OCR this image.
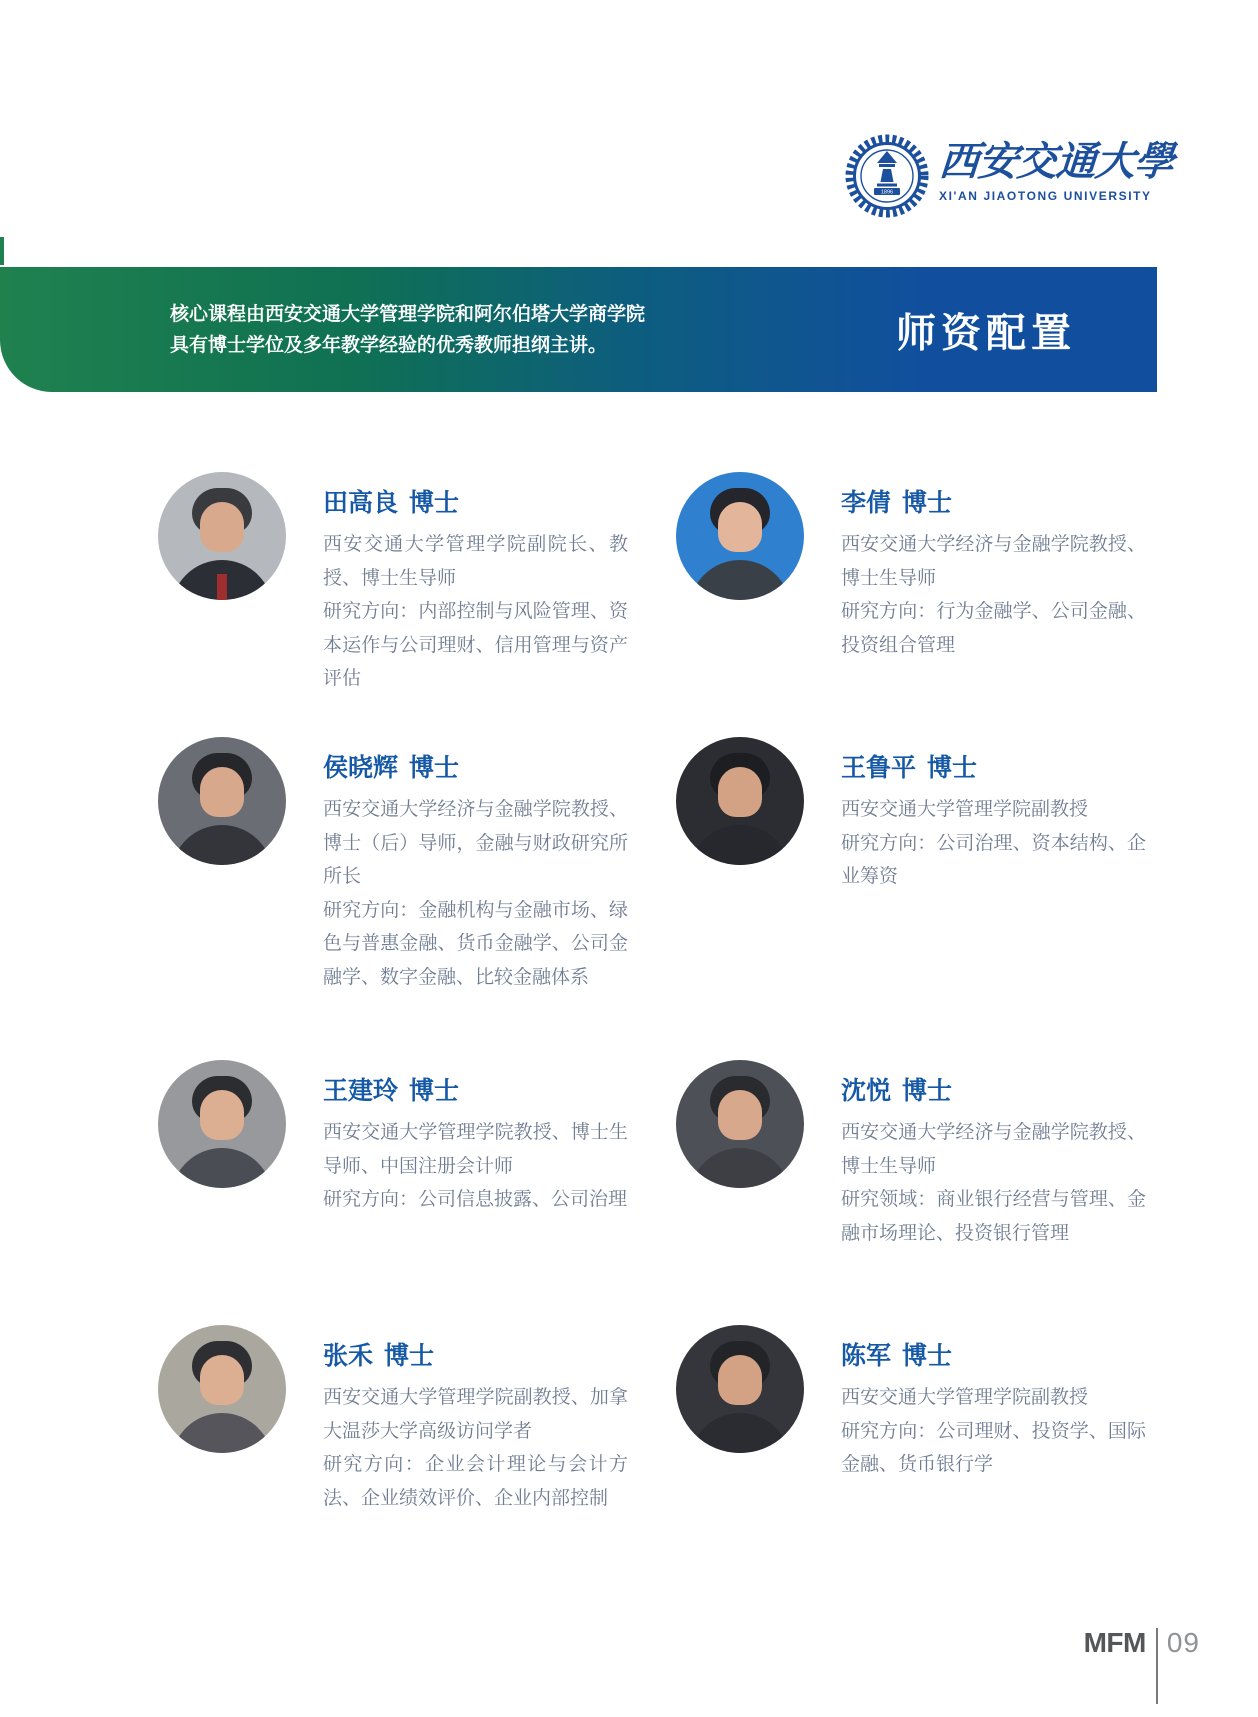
1896
西安交通大學
XI'AN JIAOTONG UNIVERSITY
核心课程由西安交通大学管理学院和阿尔伯塔大学商学院
具有博士学位及多年教学经验的优秀教师担纲主讲。	师资配置
田高良 博士
西安交通大学管理学院副院长、教授、博士生导师
研究方向：内部控制与风险管理、资本运作与公司理财、信用管理与资产评估
李倩 博士
西安交通大学经济与金融学院教授、博士生导师
研究方向：行为金融学、公司金融、投资组合管理
侯晓辉 博士
西安交通大学经济与金融学院教授、博士（后）导师，金融与财政研究所所长
研究方向：金融机构与金融市场、绿色与普惠金融、货币金融学、公司金融学、数字金融、比较金融体系
王鲁平 博士
西安交通大学管理学院副教授
研究方向：公司治理、资本结构、企业筹资
王建玲 博士
西安交通大学管理学院教授、博士生导师、中国注册会计师
研究方向：公司信息披露、公司治理
沈悦 博士
西安交通大学经济与金融学院教授、博士生导师
研究领域：商业银行经营与管理、金融市场理论、投资银行管理
张禾 博士
西安交通大学管理学院副教授、加拿大温莎大学高级访问学者
研究方向：企业会计理论与会计方法、企业绩效评价、企业内部控制
陈军 博士
西安交通大学管理学院副教授
研究方向：公司理财、投资学、国际金融、货币银行学
MFM 09
